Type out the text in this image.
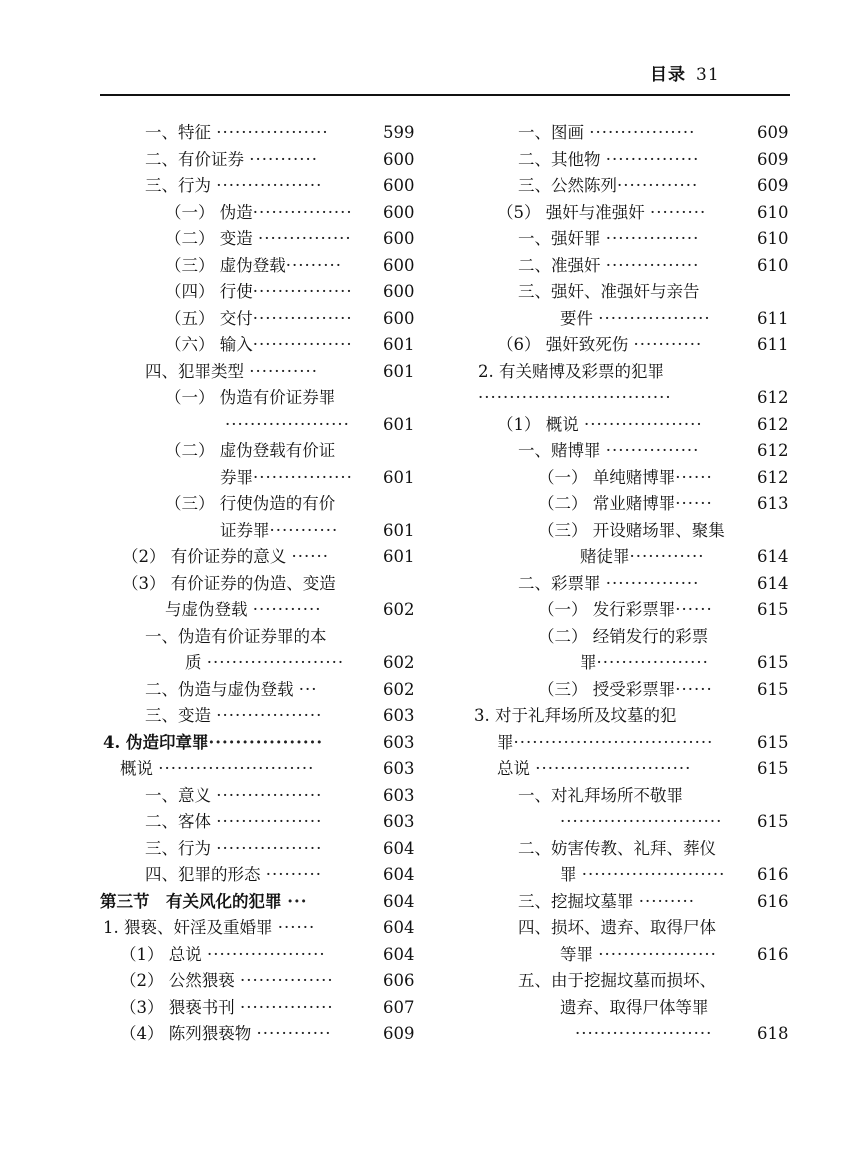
目录 31
一、特征 ··················	599
二、有价证券 ···········	600
三、行为 ·················	600
（一） 伪造················ 600
（二） 变造 ··············· 600
（三） 虚伪登载········· 600
（四） 行使················ 600
（五） 交付················ 600
（六） 输入················ 601
四、犯罪类型 ···········	601
（一） 伪造有价证券罪
···················· 601
（二） 虚伪登载有价证
券罪················ 601
（三） 行使伪造的有价
证券罪···········	601
（2） 有价证券的意义 ······	601
（3） 有价证券的伪造、变造
与虚伪登载 ···········	602
一、伪造有价证券罪的本
质 ······················ 602
二、伪造与虚伪登载 ···	602
三、变造 ·················	603
4. 伪造印章罪·················	603
概说 ·························	603
一、意义 ·················	603
二、客体 ·················	603
三、行为 ·················	604
四、犯罪的形态 ·········	604
第三节　有关风化的犯罪 ···	604
1. 猥亵、奸淫及重婚罪 ······	604
（1） 总说 ···················	604
（2） 公然猥亵 ···············	606
（3） 猥亵书刊 ···············	607
（4） 陈列猥亵物 ············	609
一、图画 ·················	609
二、其他物 ···············	609
三、公然陈列·············	609
（5） 强奸与准强奸 ·········	610
一、强奸罪 ···············	610
二、准强奸 ···············	610
三、强奸、准强奸与亲告
要件 ··················	611
（6） 强奸致死伤 ···········	611
2. 有关赌博及彩票的犯罪
·······························	612
（1） 概说 ···················	612
一、赌博罪 ···············	612
（一） 单纯赌博罪······	612
（二） 常业赌博罪······	613
（三） 开设赌场罪、聚集
赌徒罪············	614
二、彩票罪 ···············	614
（一） 发行彩票罪······	615
（二） 经销发行的彩票
罪··················	615
（三） 授受彩票罪······	615
3. 对于礼拜场所及坟墓的犯
罪································	615
总说 ·························	615
一、对礼拜场所不敬罪
·························· 615
二、妨害传教、礼拜、葬仪
罪 ······················· 616
三、挖掘坟墓罪 ·········	616
四、损坏、遗弃、取得尸体
等罪 ··················· 616
五、由于挖掘坟墓而损坏、
遗弃、取得尸体等罪
······················	618
